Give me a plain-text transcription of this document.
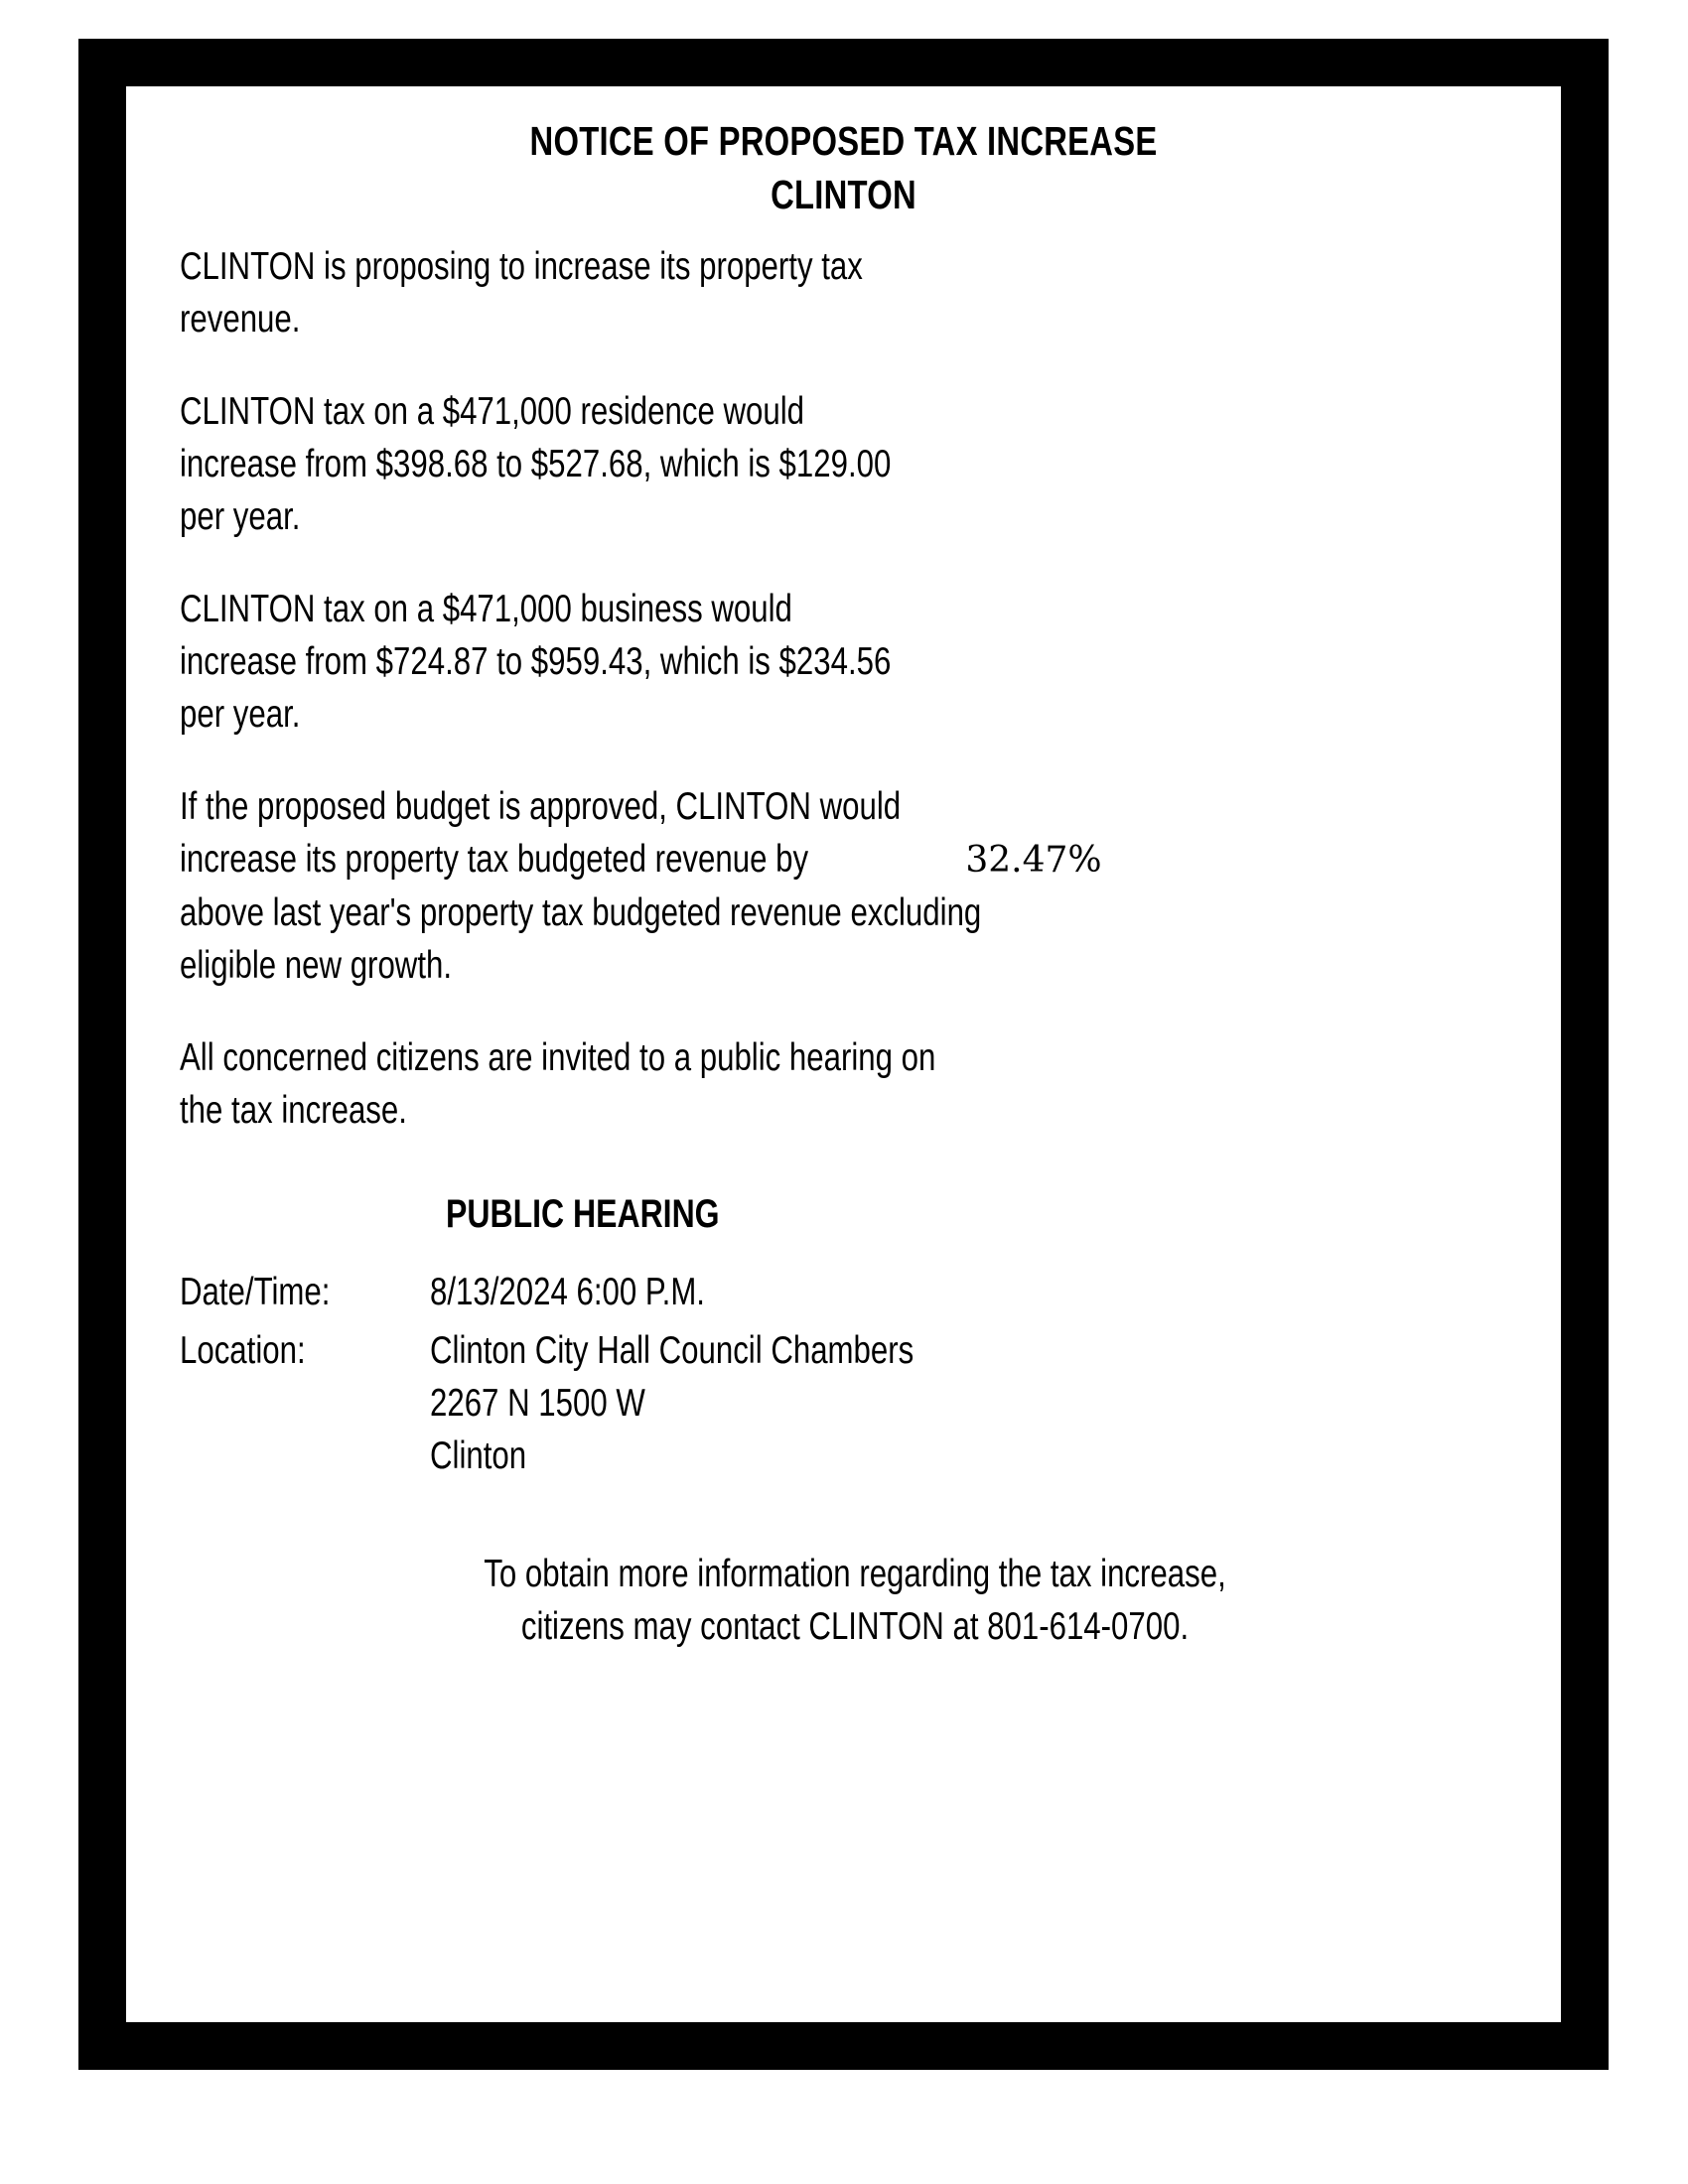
NOTICE OF PROPOSED TAX INCREASE
CLINTON
CLINTON is proposing to increase its property tax
revenue.
CLINTON tax on a $471,000 residence would
increase from $398.68 to $527.68, which is $129.00
per year.
CLINTON tax on a $471,000 business would
increase from $724.87 to $959.43, which is $234.56
per year.
If the proposed budget is approved, CLINTON would
increase its property tax budgeted revenue by	32.47%
above last year's property tax budgeted revenue excluding
eligible new growth.
All concerned citizens are invited to a public hearing on
the tax increase.
PUBLIC HEARING
Date/Time:	8/13/2024 6:00 P.M.
Location:	Clinton City Hall Council Chambers
2267 N 1500 W
Clinton
To obtain more information regarding the tax increase,
citizens may contact CLINTON at 801-614-0700.
